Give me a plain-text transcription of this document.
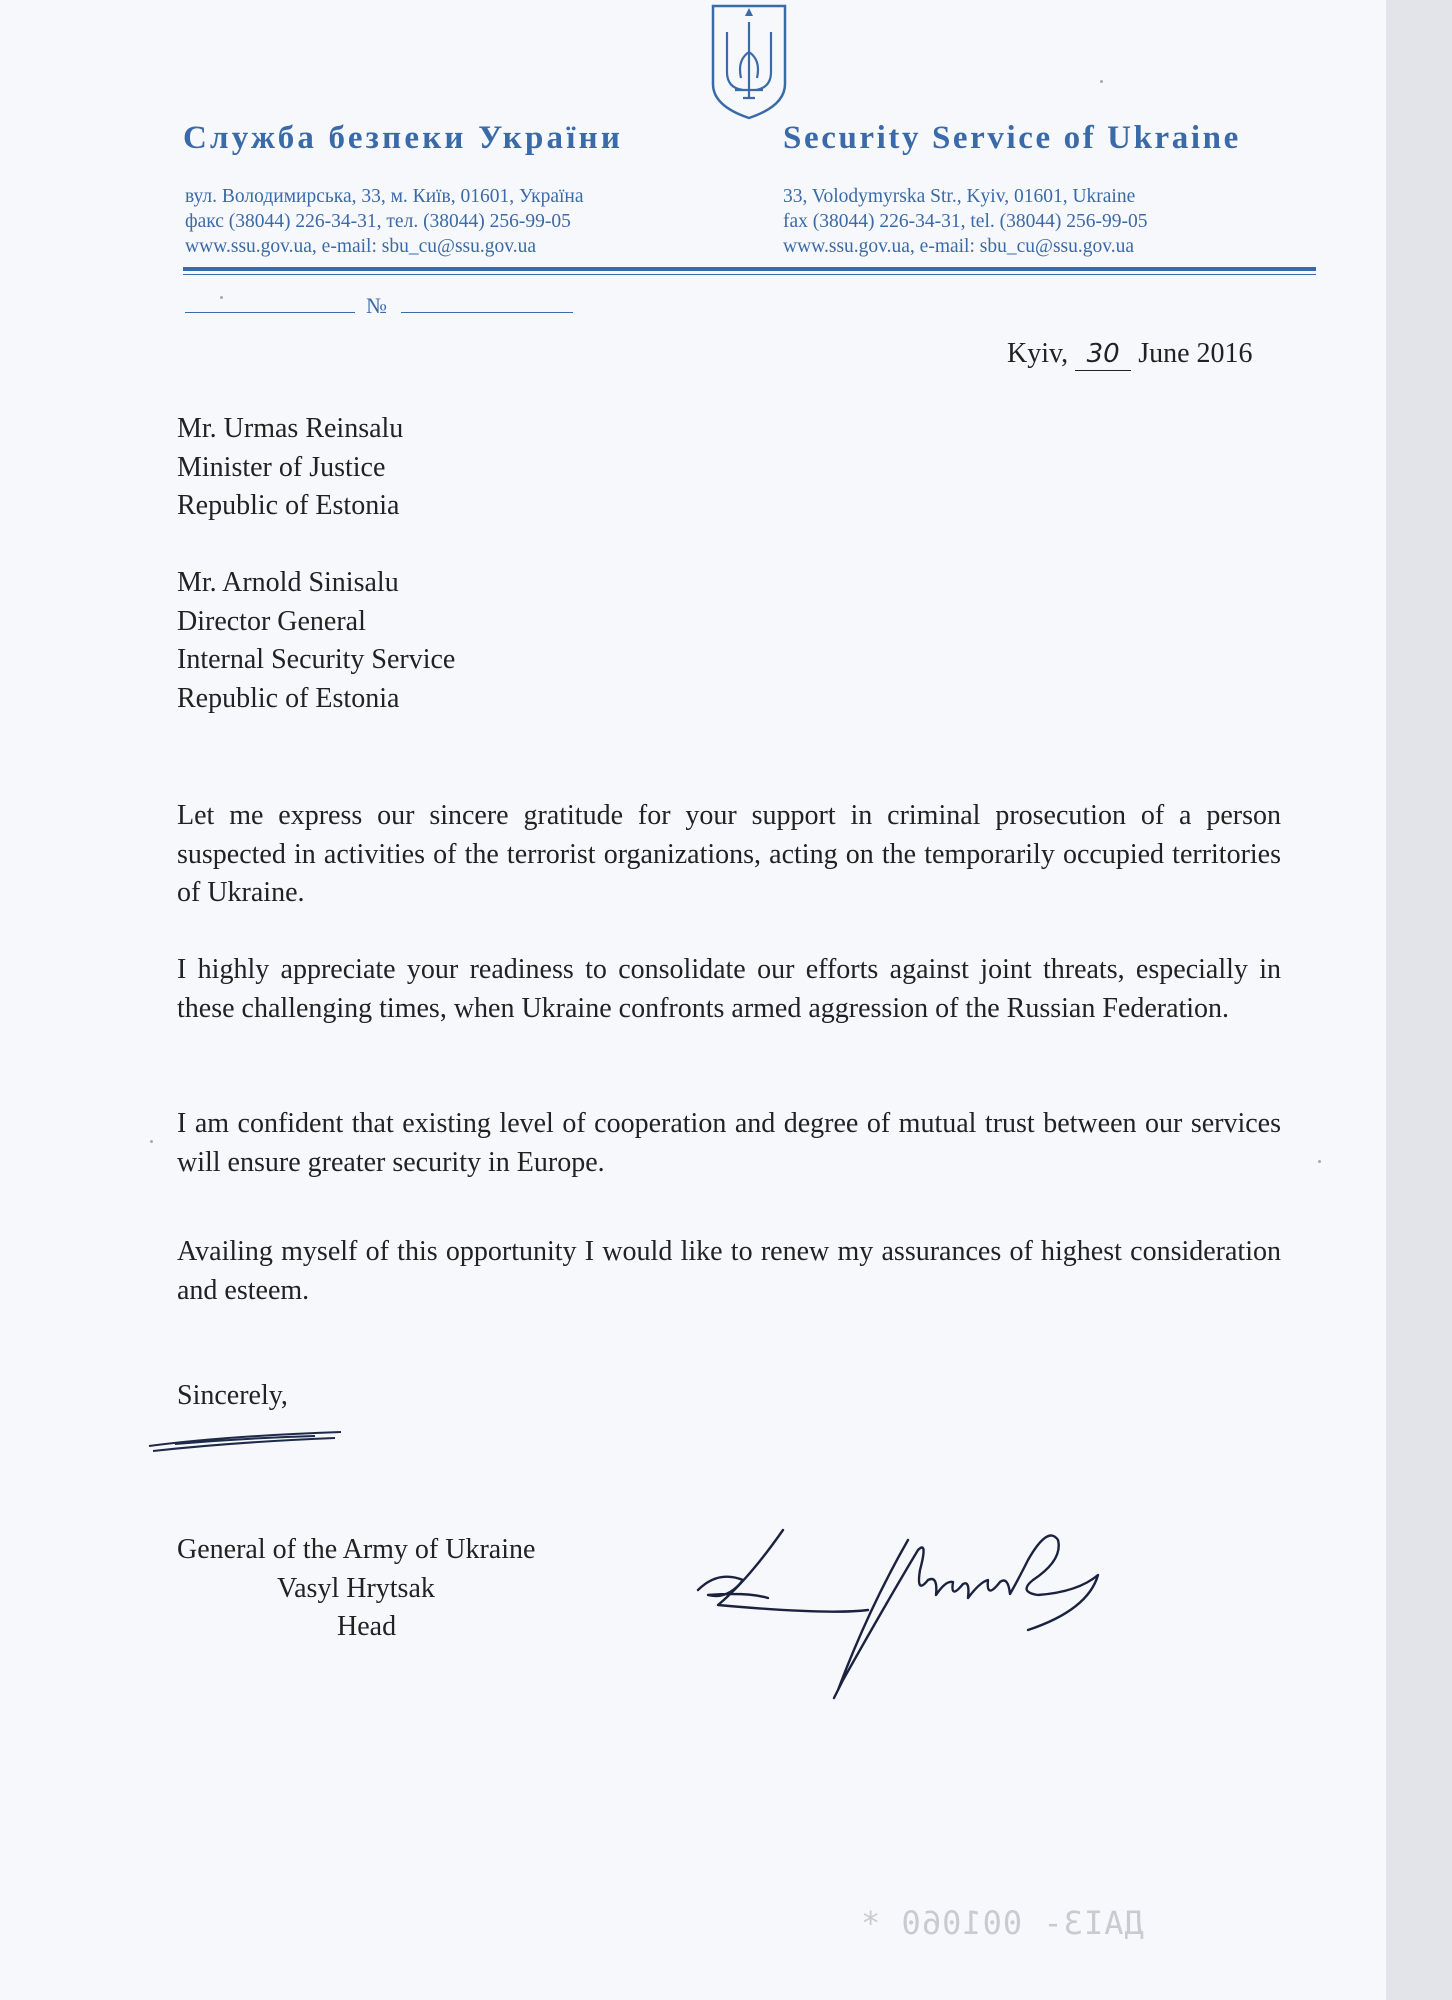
Служба безпеки України	Security Service of Ukraine
вул. Володимирська, 33, м. Київ, 01601, Україна
факс (38044) 226-34-31, тел. (38044) 256-99-05
www.ssu.gov.ua, e-mail: sbu_cu@ssu.gov.ua
33, Volodymyrska Str., Kyiv, 01601, Ukraine
fax (38044) 226-34-31, tel. (38044) 256-99-05
www.ssu.gov.ua, e-mail: sbu_cu@ssu.gov.ua
№
Kyiv, 30 June 2016
Mr. Urmas Reinsalu
Minister of Justice
Republic of Estonia
Mr. Arnold Sinisalu
Director General
Internal Security Service
Republic of Estonia
Let me express our sincere gratitude for your support in criminal prosecution of a person suspected in activities of the terrorist organizations, acting on the temporarily occupied territories of Ukraine.
I highly appreciate your readiness to consolidate our efforts against joint threats, especially in these challenging times, when Ukraine confronts armed aggression of the Russian Federation.
I am confident that existing level of cooperation and degree of mutual trust between our services will ensure greater security in Europe.
Availing myself of this opportunity I would like to renew my assurances of highest consideration and esteem.
Sincerely,
General of the Army of Ukraine
Vasyl Hrytsak
Head
ДАІЗ- 001060 *
